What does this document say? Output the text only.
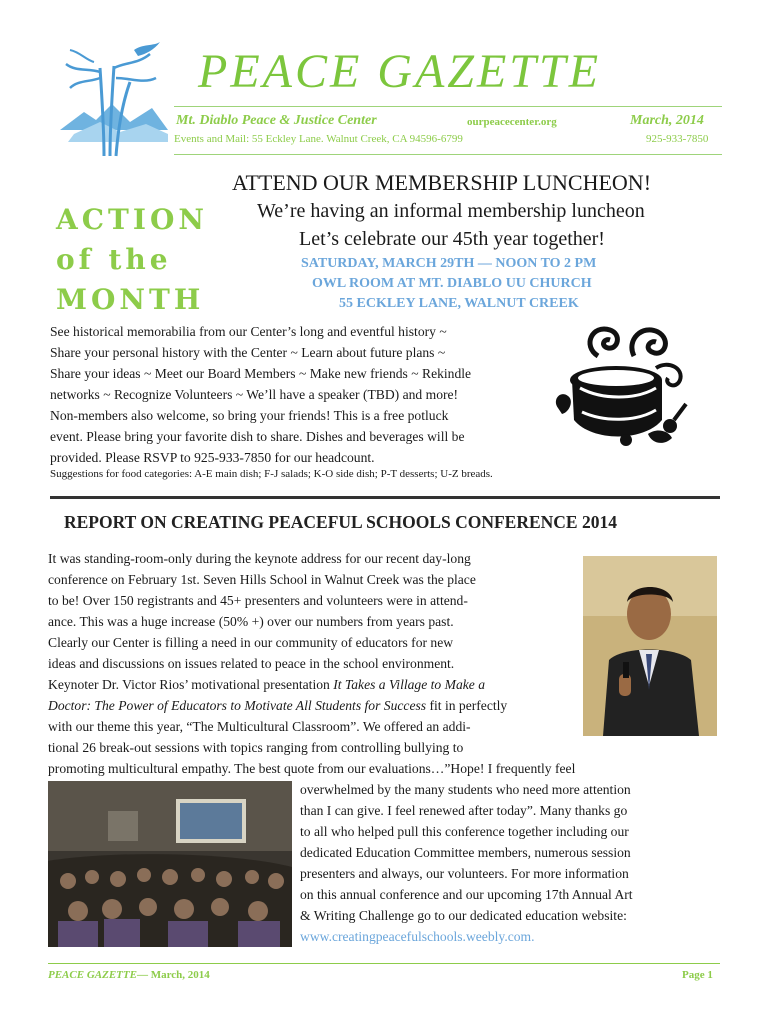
PEACE GAZETTE
Mt. Diablo Peace & Justice Center	ourpeacecenter.org	March, 2014
Events and Mail: 55 Eckley Lane. Walnut Creek, CA 94596-6799	925-933-7850
ACTION
of the
MONTH
ATTEND OUR MEMBERSHIP LUNCHEON!
We’re having an informal membership luncheon
Let’s celebrate our 45th year together!
SATURDAY, MARCH 29TH — NOON TO 2 PM
OWL ROOM AT MT. DIABLO UU CHURCH
55 ECKLEY LANE, WALNUT CREEK
See historical memorabilia from our Center’s long and eventful history ~
Share your personal history with the Center ~ Learn about future plans ~
Share your ideas ~ Meet our Board Members ~ Make new friends ~ Rekindle
networks ~ Recognize Volunteers ~ We’ll have a speaker (TBD) and more!
Non-members also welcome, so bring your friends! This is a free potluck
event. Please bring your favorite dish to share. Dishes and beverages will be
provided. Please RSVP to 925-933-7850 for our headcount.
Suggestions for food categories: A-E main dish; F-J salads; K-O side dish; P-T desserts; U-Z breads.
REPORT ON CREATING PEACEFUL SCHOOLS CONFERENCE 2014
It was standing-room-only during the keynote address for our recent day-long
conference on February 1st. Seven Hills School in Walnut Creek was the place
to be! Over 150 registrants and 45+ presenters and volunteers were in attend-
ance. This was a huge increase (50% +) over our numbers from years past.
Clearly our Center is filling a need in our community of educators for new
ideas and discussions on issues related to peace in the school environment.
Keynoter Dr. Victor Rios’ motivational presentation It Takes a Village to Make a
Doctor: The Power of Educators to Motivate All Students for Success fit in perfectly
with our theme this year, “The Multicultural Classroom”. We offered an addi-
tional 26 break-out sessions with topics ranging from controlling bullying to
promoting multicultural empathy. The best quote from our evaluations…”Hope! I frequently feel
overwhelmed by the many students who need more attention
than I can give. I feel renewed after today”. Many thanks go
to all who helped pull this conference together including our
dedicated Education Committee members, numerous session
presenters and always, our volunteers. For more information
on this annual conference and our upcoming 17th Annual Art
& Writing Challenge go to our dedicated education website:
www.creatingpeacefulschools.weebly.com.
PEACE GAZETTE— March, 2014	Page 1
